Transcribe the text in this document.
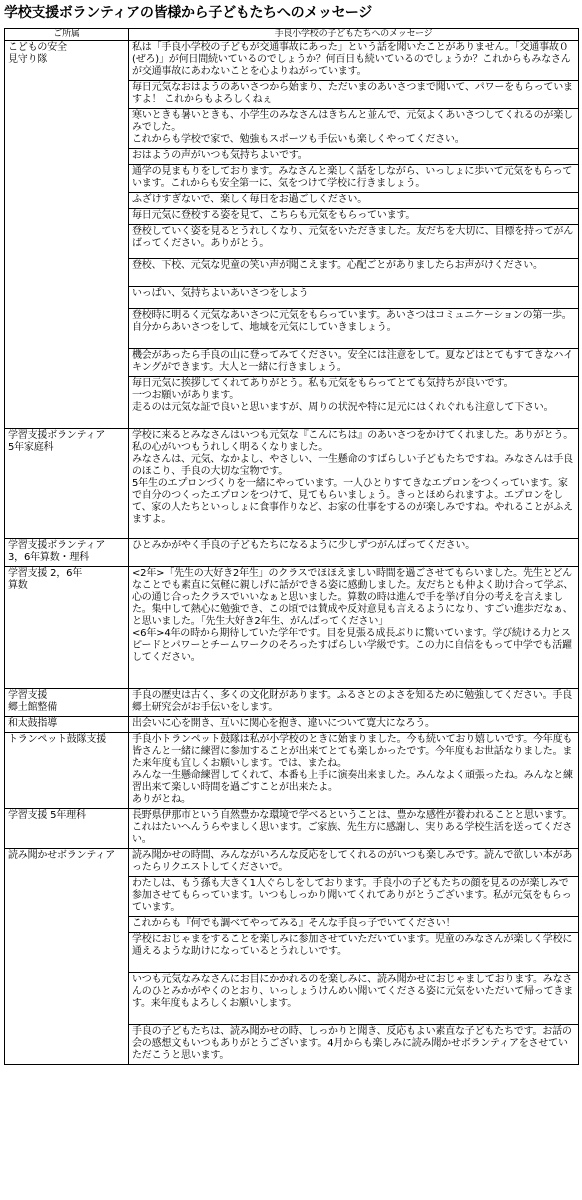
学校支援ボランティアの皆様から子どもたちへのメッセージ
ご所属	手良小学校の子どもたちへのメッセージ

こどもの安全
見守り隊	私は「手良小学校の子どもが交通事故にあった」という話を聞いたことがありません。「交通事故０(ぜろ)」が何日間続いているのでしょうか？何百日も続いているのでしょうか？これからもみなさんが交通事故にあわないことを心よりねがっています。

	毎日元気なおはようのあいさつから始まり、ただいまのあいさつまで聞いて、パワーをもらっていますよ！ これからもよろしくねぇ

	寒いときも暑いときも、小学生のみなさんはきちんと並んで、元気よくあいさつしてくれるのが楽しみでした。
これからも学校で家で、勉強もスポーツも手伝いも楽しくやってください。

	おはようの声がいつも気持ちよいです。

	通学の見まもりをしております。みなさんと楽しく話をしながら、いっしょに歩いて元気をもらっています。これからも安全第一に、気をつけて学校に行きましょう。

	ふざけすぎないで、楽しく毎日をお過ごしください。

	毎日元気に登校する姿を見て、こちらも元気をもらっています。

	登校していく姿を見るとうれしくなり、元気をいただきました。友だちを大切に、目標を持ってがんばってください。ありがとう。

	登校、下校、元気な児童の笑い声が聞こえます。心配ごとがありましたらお声がけください。

	いっぱい、気持ちよいあいさつをしよう

	登校時に明るく元気なあいさつに元気をもらっています。あいさつはコミュニケーションの第一歩。自分からあいさつをして、地域を元気にしていきましょう。

	機会があったら手良の山に登ってみてください。安全には注意をして。夏などはとてもすてきなハイキングができます。大人と一緒に行きましょう。

	毎日元気に挨拶してくれてありがとう。私も元気をもらってとても気持ちが良いです。
一つお願いがあります。
走るのは元気な証で良いと思いますが、周りの状況や特に足元にはくれぐれも注意して下さい。

学習支援ボランティア
5年家庭科	学校に来るとみなさんはいつも元気な『こんにちは』のあいさつをかけてくれました。ありがとう。私の心がいつもうれしく明るくなりました。
みなさんは、元気、なかよし、やさしい、一生懸命のすばらしい子どもたちですね。みなさんは手良のほこり、手良の大切な宝物です。
5年生のエプロンづくりを一緒にやっています。一人ひとりすてきなエプロンをつくっています。家で自分のつくったエプロンをつけて、見てもらいましょう。きっとほめられますよ。エプロンをして、家の人たちといっしょに食事作りなど、お家の仕事をするのが楽しみですね。やれることがふえますよ。

学習支援ボランティア
3，6年算数・理科	ひとみかがやく手良の子どもたちになるように少しずつがんばってください。

学習支援 2，6年
算数	<2年>「先生の大好き2年生」のクラスでほほえましい時間を過ごさせてもらいました。先生とどんなことでも素直に気軽に親しげに話ができる姿に感動しました。友だちとも仲よく助け合って学ぶ、心の通じ合ったクラスでいいなぁと思いました。算数の時は進んで手を挙げ自分の考えを言えました。集中して熱心に勉強でき、この頃では賛成や反対意見も言えるようになり、すごい進歩だなぁ、と思いました。「先生大好き2年生、がんばってください」
<6年>4年の時から期待していた学年です。目を見張る成長ぶりに驚いています。学び続ける力とスピードとパワーとチームワークのそろったすばらしい学級です。この力に自信をもって中学でも活躍してください。

学習支援
郷土館整備	手良の歴史は古く、多くの文化財があります。ふるさとのよさを知るために勉強してください。手良郷土研究会がお手伝いをします。

和太鼓指導	出会いに心を開き、互いに関心を抱き、違いについて寛大になろう。

トランペット鼓隊支援	手良小トランペット鼓隊は私が小学校のときに始まりました。今も続いており嬉しいです。今年度も皆さんと一緒に練習に参加することが出来てとても楽しかったです。今年度もお世話なりました。また来年度も宜しくお願いします。では、またね。
みんな一生懸命練習してくれて、本番も上手に演奏出来ました。みんなよく頑張ったね。みんなと練習出来て楽しい時間を過ごすことが出来たよ。
ありがとね。

学習支援 5年理科	長野県伊那市という自然豊かな環境で学べるということは、豊かな感性が養われることと思います。これはたいへんうらやましく思います。ご家族、先生方に感謝し、実りある学校生活を送ってください。

読み聞かせボランティア	読み聞かせの時間、みんながいろんな反応をしてくれるのがいつも楽しみです。読んで欲しい本があったらリクエストしてくださいで。

	わたしは、もう孫も大きく1人ぐらしをしております。手良小の子どもたちの顔を見るのが楽しみで参加させてもらっています。いつもしっかり聞いてくれてありがとうございます。私が元気をもらっています。

	これからも『何でも調べてやってみる』そんな手良っ子でいてください！

	学校におじゃまをすることを楽しみに参加させていただいています。児童のみなさんが楽しく学校に通えるような助けになっているとうれしいです。

	いつも元気なみなさんにお目にかかれるのを楽しみに、読み聞かせにおじゃましております。みなさんのひとみかがやくのとおり、いっしょうけんめい聞いてくださる姿に元気をいただいて帰ってきます。来年度もよろしくお願いします。

	手良の子どもたちは、読み聞かせの時、しっかりと聞き、反応もよい素直な子どもたちです。お話の会の感想文もいつもありがとうございます。4月からも楽しみに読み聞かせボランティアをさせていただこうと思います。
